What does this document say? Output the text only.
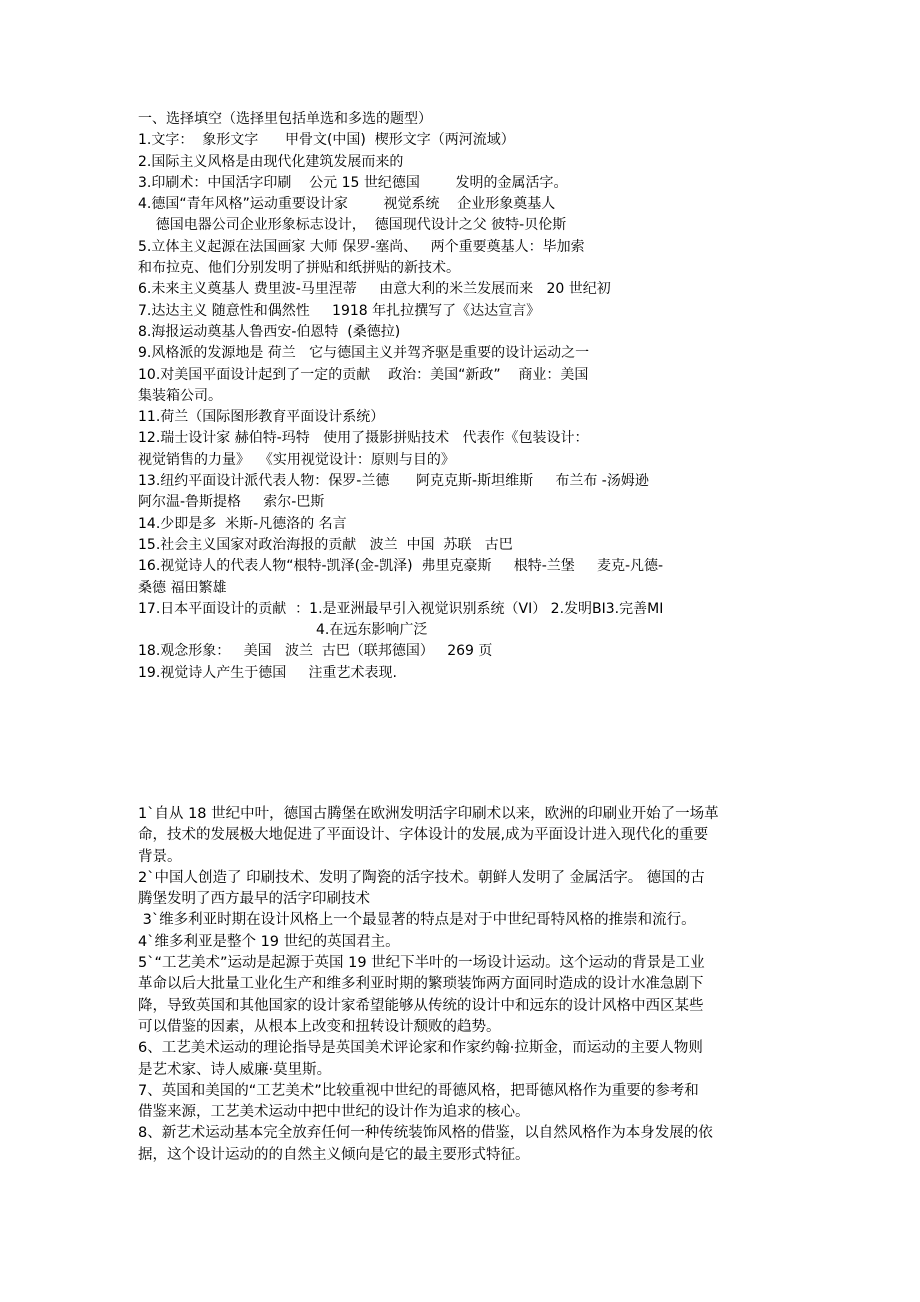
一、选择填空（选择里包括单选和多选的题型）
1.文字：  象形文字      甲骨文(中国)  楔形文字（两河流域）
2.国际主义风格是由现代化建筑发展而来的
3.印刷术：中国活字印刷    公元 15 世纪德国        发明的金属活字。
4.德国“青年风格”运动重要设计家        视觉系统    企业形象奠基人
德国电器公司企业形象标志设计，  德国现代设计之父 彼特-贝伦斯
5.立体主义起源在法国画家 大师 保罗-塞尚、   两个重要奠基人：毕加索
和布拉克、他们分别发明了拼贴和纸拼贴的新技术。
6.未来主义奠基人 费里波-马里涅蒂     由意大利的米兰发展而来   20 世纪初
7.达达主义 随意性和偶然性     1918 年扎拉撰写了《达达宣言》
8.海报运动奠基人鲁西安-伯恩特  (桑德拉)
9.风格派的发源地是 荷兰   它与德国主义并驾齐驱是重要的设计运动之一
10.对美国平面设计起到了一定的贡献    政治：美国“新政”    商业：美国
集装箱公司。
11.荷兰（国际图形教育平面设计系统）
12.瑞士设计家 赫伯特-玛特   使用了摄影拼贴技术   代表作《包装设计：
视觉销售的力量》  《实用视觉设计：原则与目的》
13.纽约平面设计派代表人物：保罗-兰德      阿克克斯-斯坦维斯     布兰布 -汤姆逊
阿尔温-鲁斯提格     索尔-巴斯
14.少即是多  米斯-凡德洛的 名言
15.社会主义国家对政治海报的贡献   波兰  中国  苏联   古巴
16.视觉诗人的代表人物“根特-凯泽(金-凯泽)  弗里克豪斯     根特-兰堡     麦克-凡德-
桑德 福田繁雄
17.日本平面设计的贡献  ：1.是亚洲最早引入视觉识别系统（VI） 2.发明BI3.完善MI
4.在远东影响广泛
18.观念形象：   美国   波兰  古巴（联邦德国）   269 页
19.视觉诗人产生于德国     注重艺术表现.
1`自从 18 世纪中叶，德国古腾堡在欧洲发明活字印刷术以来，欧洲的印刷业开始了一场革
命，技术的发展极大地促进了平面设计、字体设计的发展,成为平面设计进入现代化的重要
背景。
2`中国人创造了 印刷技术、发明了陶瓷的活字技术。朝鲜人发明了 金属活字。 德国的古
腾堡发明了西方最早的活字印刷技术
3`维多利亚时期在设计风格上一个最显著的特点是对于中世纪哥特风格的推崇和流行。
4`维多利亚是整个 19 世纪的英国君主。
5`“工艺美术”运动是起源于英国 19 世纪下半叶的一场设计运动。这个运动的背景是工业
革命以后大批量工业化生产和维多利亚时期的繁琐装饰两方面同时造成的设计水准急剧下
降，导致英国和其他国家的设计家希望能够从传统的设计中和远东的设计风格中西区某些
可以借鉴的因素，从根本上改变和扭转设计颓败的趋势。
6、工艺美术运动的理论指导是英国美术评论家和作家约翰·拉斯金，而运动的主要人物则
是艺术家、诗人威廉·莫里斯。
7、英国和美国的“工艺美术”比较重视中世纪的哥德风格，把哥德风格作为重要的参考和
借鉴来源，工艺美术运动中把中世纪的设计作为追求的核心。
8、新艺术运动基本完全放弃任何一种传统装饰风格的借鉴，以自然风格作为本身发展的依
据，这个设计运动的的自然主义倾向是它的最主要形式特征。
